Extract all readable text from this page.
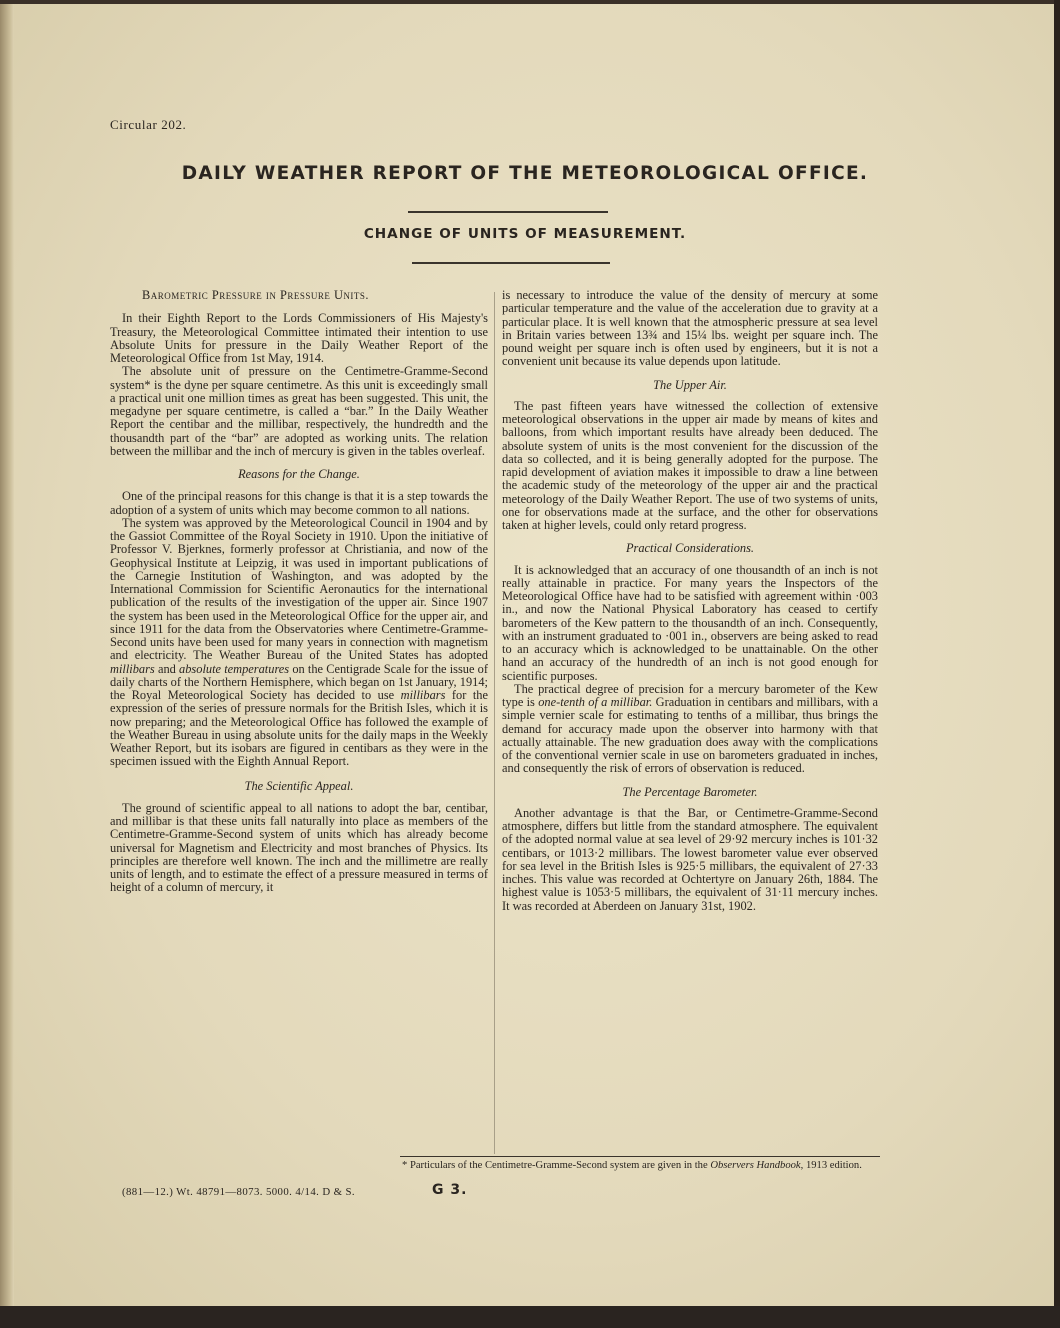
Circular 202.
DAILY WEATHER REPORT OF THE METEOROLOGICAL OFFICE.
CHANGE OF UNITS OF MEASUREMENT.
Barometric Pressure in Pressure Units.

In their Eighth Report to the Lords Commissioners of His Majesty's Treasury, the Meteorological Committee intimated their intention to use Absolute Units for pressure in the Daily Weather Report of the Meteorological Office from 1st May, 1914.

The absolute unit of pressure on the Centimetre-Gramme-Second system* is the dyne per square centimetre. As this unit is exceedingly small a practical unit one million times as great has been suggested. This unit, the megadyne per square centimetre, is called a “bar.” In the Daily Weather Report the centibar and the millibar, respectively, the hundredth and the thousandth part of the “bar” are adopted as working units. The relation between the millibar and the inch of mercury is given in the tables overleaf.

Reasons for the Change.

One of the principal reasons for this change is that it is a step towards the adoption of a system of units which may become common to all nations.

The system was approved by the Meteorological Council in 1904 and by the Gassiot Committee of the Royal Society in 1910. Upon the initiative of Professor V. Bjerknes, formerly professor at Christiania, and now of the Geophysical Institute at Leipzig, it was used in important publications of the Carnegie Institution of Washington, and was adopted by the International Commission for Scientific Aeronautics for the international publication of the results of the investigation of the upper air. Since 1907 the system has been used in the Meteorological Office for the upper air, and since 1911 for the data from the Observatories where Centimetre-Gramme-Second units have been used for many years in connection with magnetism and electricity. The Weather Bureau of the United States has adopted millibars and absolute temperatures on the Centigrade Scale for the issue of daily charts of the Northern Hemisphere, which began on 1st January, 1914; the Royal Meteorological Society has decided to use millibars for the expression of the series of pressure normals for the British Isles, which it is now preparing; and the Meteorological Office has followed the example of the Weather Bureau in using absolute units for the daily maps in the Weekly Weather Report, but its isobars are figured in centibars as they were in the specimen issued with the Eighth Annual Report.

The Scientific Appeal.

The ground of scientific appeal to all nations to adopt the bar, centibar, and millibar is that these units fall naturally into place as members of the Centimetre-Gramme-Second system of units which has already become universal for Magnetism and Electricity and most branches of Physics. Its principles are therefore well known. The inch and the millimetre are really units of length, and to estimate the effect of a pressure measured in terms of height of a column of mercury, it

is necessary to introduce the value of the density of mercury at some particular temperature and the value of the acceleration due to gravity at a particular place. It is well known that the atmospheric pressure at sea level in Britain varies between 13¾ and 15¼ lbs. weight per square inch. The pound weight per square inch is often used by engineers, but it is not a convenient unit because its value depends upon latitude.

The Upper Air.

The past fifteen years have witnessed the collection of extensive meteorological observations in the upper air made by means of kites and balloons, from which important results have already been deduced. The absolute system of units is the most convenient for the discussion of the data so collected, and it is being generally adopted for the purpose. The rapid development of aviation makes it impossible to draw a line between the academic study of the meteorology of the upper air and the practical meteorology of the Daily Weather Report. The use of two systems of units, one for observations made at the surface, and the other for observations taken at higher levels, could only retard progress.

Practical Considerations.

It is acknowledged that an accuracy of one thousandth of an inch is not really attainable in practice. For many years the Inspectors of the Meteorological Office have had to be satisfied with agreement within ·003 in., and now the National Physical Laboratory has ceased to certify barometers of the Kew pattern to the thousandth of an inch. Consequently, with an instrument graduated to ·001 in., observers are being asked to read to an accuracy which is acknowledged to be unattainable. On the other hand an accuracy of the hundredth of an inch is not good enough for scientific purposes.

The practical degree of precision for a mercury barometer of the Kew type is one-tenth of a millibar. Graduation in centibars and millibars, with a simple vernier scale for estimating to tenths of a millibar, thus brings the demand for accuracy made upon the observer into harmony with that actually attainable. The new graduation does away with the complications of the conventional vernier scale in use on barometers graduated in inches, and consequently the risk of errors of observation is reduced.

The Percentage Barometer.

Another advantage is that the Bar, or Centimetre-Gramme-Second atmosphere, differs but little from the standard atmosphere. The equivalent of the adopted normal value at sea level of 29·92 mercury inches is 101·32 centibars, or 1013·2 millibars. The lowest barometer value ever observed for sea level in the British Isles is 925·5 millibars, the equivalent of 27·33 inches. This value was recorded at Ochtertyre on January 26th, 1884. The highest value is 1053·5 millibars, the equivalent of 31·11 mercury inches. It was recorded at Aberdeen on January 31st, 1902.

* Particulars of the Centimetre-Gramme-Second system are given in the Observers Handbook, 1913 edition.
(881—12.) Wt. 48791—8073. 5000. 4/14. D & S.	G 3.
